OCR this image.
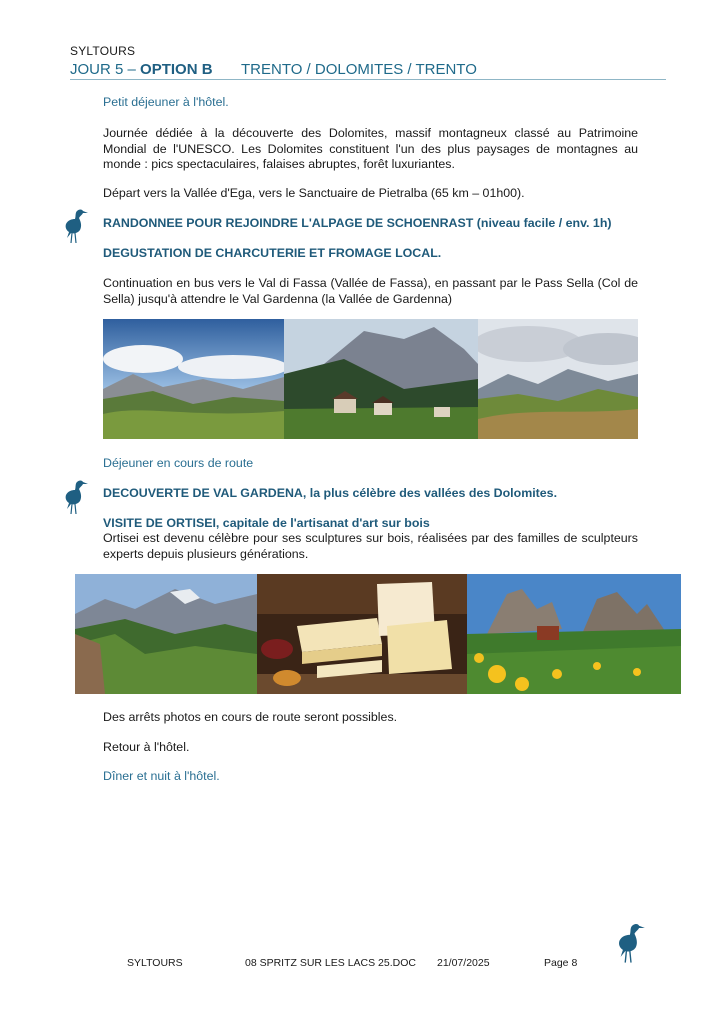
SYLTOURS
JOUR 5 – OPTION B TRENTO / DOLOMITES / TRENTO
Petit déjeuner à l'hôtel.
Journée dédiée à la découverte des Dolomites, massif montagneux classé au Patrimoine Mondial de l'UNESCO. Les Dolomites constituent l'un des plus paysages de montagnes au monde : pics spectaculaires, falaises abruptes, forêt luxuriantes.
Départ vers la Vallée d'Ega, vers le Sanctuaire de Pietralba (65 km – 01h00).
RANDONNEE POUR REJOINDRE L'ALPAGE DE SCHOENRAST (niveau facile / env. 1h)
DEGUSTATION DE CHARCUTERIE ET FROMAGE LOCAL.
Continuation en bus vers le Val di Fassa (Vallée de Fassa), en passant par le Pass Sella (Col de Sella) jusqu'à attendre le Val Gardenna (la Vallée de Gardenna)
Déjeuner en cours de route
DECOUVERTE DE VAL GARDENA, la plus célèbre des vallées des Dolomites.
VISITE DE ORTISEI, capitale de l'artisanat d'art sur bois
Ortisei est devenu célèbre pour ses sculptures sur bois, réalisées par des familles de sculpteurs experts depuis plusieurs générations.
Des arrêts photos en cours de route seront possibles.
Retour à l'hôtel.
Dîner et nuit à l'hôtel.
SYLTOURS	08 SPRITZ SUR LES LACS 25.DOC 21/07/2025	Page 8
